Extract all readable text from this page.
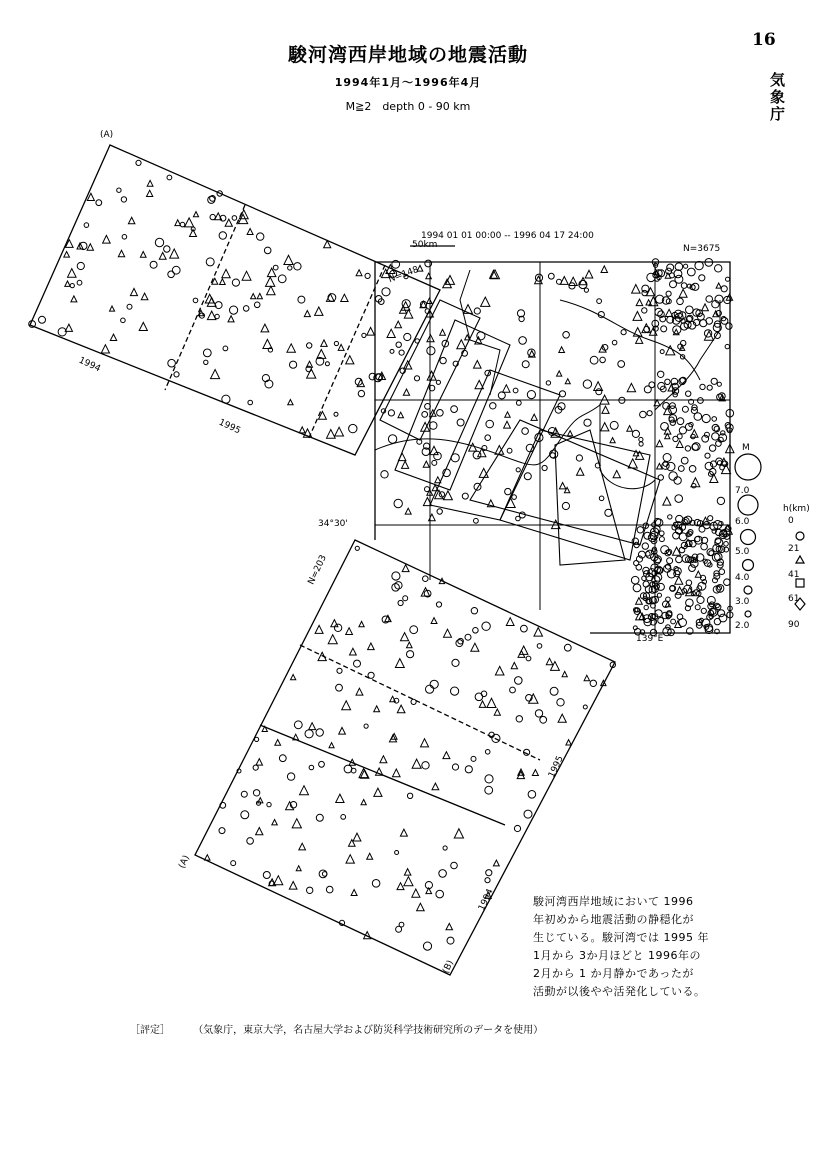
16
気象庁
駿河湾西岸地域の地震活動
1994年1月～1996年4月
M≧2　depth 0 - 90 km
1994 01 01 00:00 -- 1996 04 17 24:00
50km	N=3675
34°30'
139°E
(A)
N=148
1994
1995
N=203
(A)
(B)
1995
1994
M
7.0
6.0
5.0
4.0
3.0
2.0
h(km)
0
21
41
61
90
駿河湾西岸地域において 1996
年初めから地震活動の静穏化が
生じている。駿河湾では 1995 年
1月から 3か月ほどと 1996年の
2月から 1 か月静かであったが
活動が以後やや活発化している。
［評定］ （気象庁，東京大学，名古屋大学および防災科学技術研究所のデータを使用）
